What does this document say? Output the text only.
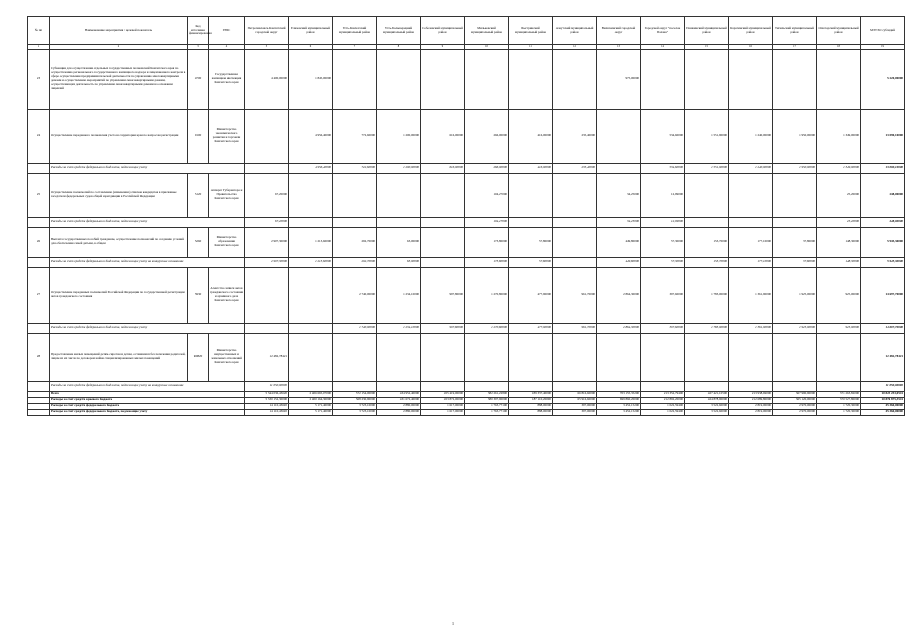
№ пп	Наименование мероприятия / целевой показатель	Код источника финансирования	ГРБС	Петропавловск-Камчатский городской округ	Елизовский муниципальный район	Усть-Камчатский муниципальный район	Усть-Большерецкий муниципальный район	Соболевский муниципальный район	Мильковский муниципальный район	Быстринский муниципальный район	Алеутский муниципальный район	Вилючинский городской округ	Городской округ "поселок Палана"	Пенжинский муниципальный район	Карагинский муниципальный район	Тигильский муниципальный район	Олюторский муниципальный район	МЭТЭО субсидий
1	2	3	4	5	6	7	8	9	10	11	12	13	14	15	16	17	18	19
23	Субвенции для осуществления отдельных государственных полномочий Камчатского края по осуществлению регионального государственного жилищного надзора и лицензионного контроля в сфере осуществления предпринимательской деятельности по управлению многоквартирными домами и осуществлению мероприятий по управлению многоквартирными домами, осуществляющих деятельность по управлению многоквартирными домами на основании лицензий	4700	Государственная жилищная инспекция Камчатского края	4 400,00000	1 845,00000							975,00000						5 220,00000
24	Осуществление переданного полномочия учета на территории края по вопросам регистрации	0100	Министерство экономического развития и торговли Камчатского края		4 956,40000	772,60000	1 200,00000	616,00000	266,00000	416,00000	235,40000		534,60000	1 551,90000	1 240,00000	1 950,00000	1 349,00000	13 090,10000
	Расходы за счет средств федерального бюджета, подлежащие учету				4 956,40000	722,60000	1 200,00000	616,00000	266,00000	416,00000	235,40000		534,60000	1 551,90000	1 240,00000	1 950,00000	1 349,00000	13 090,10000
25	Осуществление полномочий по составлению (изменению) списков кандидатов в присяжные заседатели федеральных судов общей юрисдикции в Российской Федерации	5120	Аппарат Губернатора и Правительства Камчатского края	67,20000					104,27000			34,25000	12,99000				25,20000	248,00000
	Расходы за счет средств федерального бюджета, подлежащие учету			67,20000					104,27000			34,25000	12,99000				25,20000	248,00000
26	Выплата государственных пособий гражданам, осуществление полномочий по созданию условий для обеспечения семей детьми, в общем	5260	Министерство образования Камчатского края	2 907,30000	1 213,60000	292,70000	63,00000		173,80000	57,80000		449,80000	57,30000	153,70000	177,10000	37,80000	148,30000	5 945,30000
	Расходы за счет средств федерального бюджета, подлежащие учету на конкурсных основаниях			2 907,30000	1 213,60000	292,70000	63,00000		173,80000	57,80000		449,80000	57,30000	153,70000	177,10000	37,80000	148,30000	5 945,30000
27	Осуществление переданных полномочий Российской Федерации по государственной регистрации актов гражданского состояния	5930	Агентство записи актов гражданского состояния и архивного дела Камчатского края			2 740,00000	1 234,10000	997,80000	1 270,80000	477,90000	961,70000	2 864,30000	397,60000	1 783,00000	1 361,90000	1 925,00000	925,00000	14 697,70000
	Расходы за счет средств федерального бюджета, подлежащие учету					1 740,00000	1 234,10000	997,80000	1 270,80000	477,90000	961,70000	2 864,30000	397,60000	1 783,00000	1 361,90000	1 925,00000	925,00000	14 697,70000
28	Предоставление жилых помещений детям-сиротам и детям, оставшимся без попечения родителей, лицам из их числа по договорам найма специализированных жилых помещений	R0820	Министерство имущественных и земельных отношений Камчатского края	12 482,78421														12 482,78421
	Расходы за счет средств федерального бюджета, подлежащие учету на конкурсных основаниях			11 050,00000														11 050,00000
	Всего			5 344 036,43620	2 406 665,07000	572 154,00000	434 952,40000	455 419,00000	382 261,22800	189 337,40000	66 816,60000	703 155,35200	213 352,79400	427 421,10500	213 938,69000	367 990,90000	371 263,82000	10 823 253,0541
	Расходы за счет средств краевого бюджета			5 330 152,30000	2 400 164,30000	568 230,90000	431 672,40000	453 872,00000	380 397,90000	187 110,20000	65 916,60000	699 860,20000	212 892,20000	424 878,90000	212 689,80000	365 120,00000	370 527,80000	10 876 875,3541
	Расходы за счет средств федерального бюджета			14 110,43620	5 171,40000	3 723,10000	2 880,00000	1 617,00000	1 763,77100	888,00000	397,00000	3 452,15200	1 022,59400	3 522,60000	2 819,00000	2 970,00000	1 720,30000	45 360,00000
	Расходы за счет средств федерального бюджета, подлежащие учету			14 110,43620	5 171,40000	3 723,10000	2 880,00000	1 617,00000	1 763,77100	888,00000	397,00000	3 452,15200	1 022,59400	3 522,60000	2 819,00000	2 970,00000	1 720,30000	45 360,00000
1
